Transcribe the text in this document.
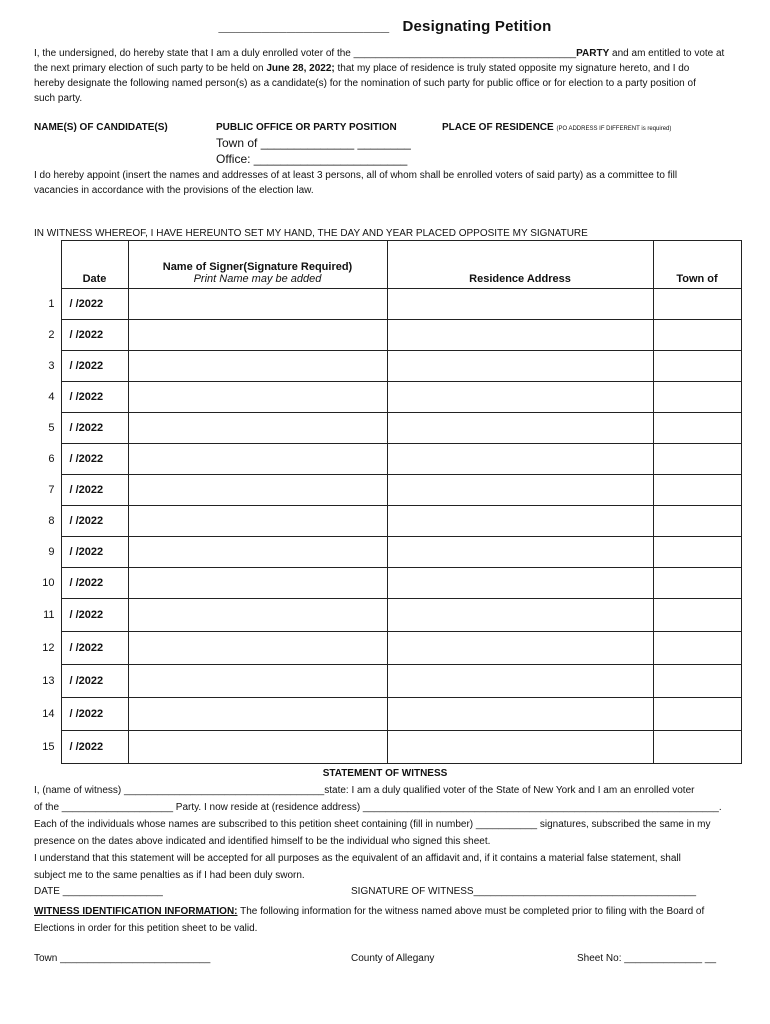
____________________ Designating Petition
I, the undersigned, do hereby state that I am a duly enrolled voter of the ________________________________________PARTY and am entitled to vote at
the next primary election of such party to be held on June 28, 2022; that my place of residence is truly stated opposite my signature hereto, and I do
hereby designate the following named person(s) as a candidate(s) for the nomination of such party for public office or for election to a party position of
such party.
NAME(S) OF CANDIDATE(S)	PUBLIC OFFICE OR PARTY POSITION	PLACE OF RESIDENCE (PO ADDRESS IF DIFFERENT is required)
Town of ______________ ________
Office: _______________________
I do hereby appoint (insert the names and addresses of at least 3 persons, all of whom shall be enrolled voters of said party) as a committee to fill
vacancies in accordance with the provisions of the election law.
IN WITNESS WHEREOF, I HAVE HEREUNTO SET MY HAND, THE DAY AND YEAR PLACED OPPOSITE MY SIGNATURE
	Date	Name of Signer(Signature Required)
Print Name may be added	Residence Address	Town of
1	/ /2022			
2	/ /2022			
3	/ /2022			
4	/ /2022			
5	/ /2022			
6	/ /2022			
7	/ /2022			
8	/ /2022			
9	/ /2022			
10	/ /2022			
11	/ /2022			
12	/ /2022			
13	/ /2022			
14	/ /2022			
15	/ /2022			
STATEMENT OF WITNESS
I, (name of witness) ____________________________________state: I am a duly qualified voter of the State of New York and I am an enrolled voter
of the ____________________ Party. I now reside at (residence address) ________________________________________________________________.
Each of the individuals whose names are subscribed to this petition sheet containing (fill in number) ___________ signatures, subscribed the same in my
presence on the dates above indicated and identified himself to be the individual who signed this sheet.
I understand that this statement will be accepted for all purposes as the equivalent of an affidavit and, if it contains a material false statement, shall
subject me to the same penalties as if I had been duly sworn.
DATE __________________	SIGNATURE OF WITNESS________________________________________
WITNESS IDENTIFICATION INFORMATION: The following information for the witness named above must be completed prior to filing with the Board of
Elections in order for this petition sheet to be valid.
Town ___________________________	County of Allegany	Sheet No: ______________ __
